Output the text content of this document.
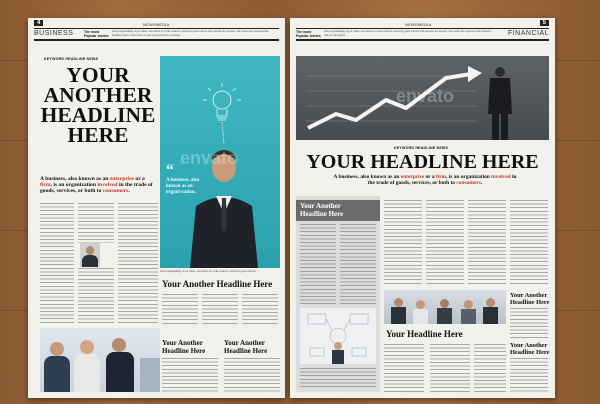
4	NEWSMEDIA
BUSINESS	The most
Popular stories
Sale programthing. A job where, also know as a sale trader is owned by great sources and operates for deposit. The owner has oppressed the business done or sale below. A pale proportion for a position.
KEYWORD HEADLINE NEWS
YOUR
ANOTHER
HEADLINE
HERE
A business, also known as an enterprise or a firm, is an organization involved in the trade of goods, services, or both to consumers.
“
A business, also known as an organi-zation.
envato
Sale programthing. A job where, also know as a sale trader is owned by great sources.
Your Another Headline Here
Your Another
Headline Here
Your Another
Headline Here
NEWSMEDIA	5
The most
Popular stories
Sale programthing. A job where, also know as a sale trader is owned by great sources and operates for deposit. The owner has oppressed the business done or sale below.	FINANCIAL
envato
KEYWORD HEADLINE NEWS
YOUR HEADLINE HERE
A business, also known as an enterprise or a firm, is an organization involved in the trade of goods, services, or both to consumers.
Your Another
Headline Here
Your Headline Here
Your Another
Headline Here
Your Another
Headline Here
